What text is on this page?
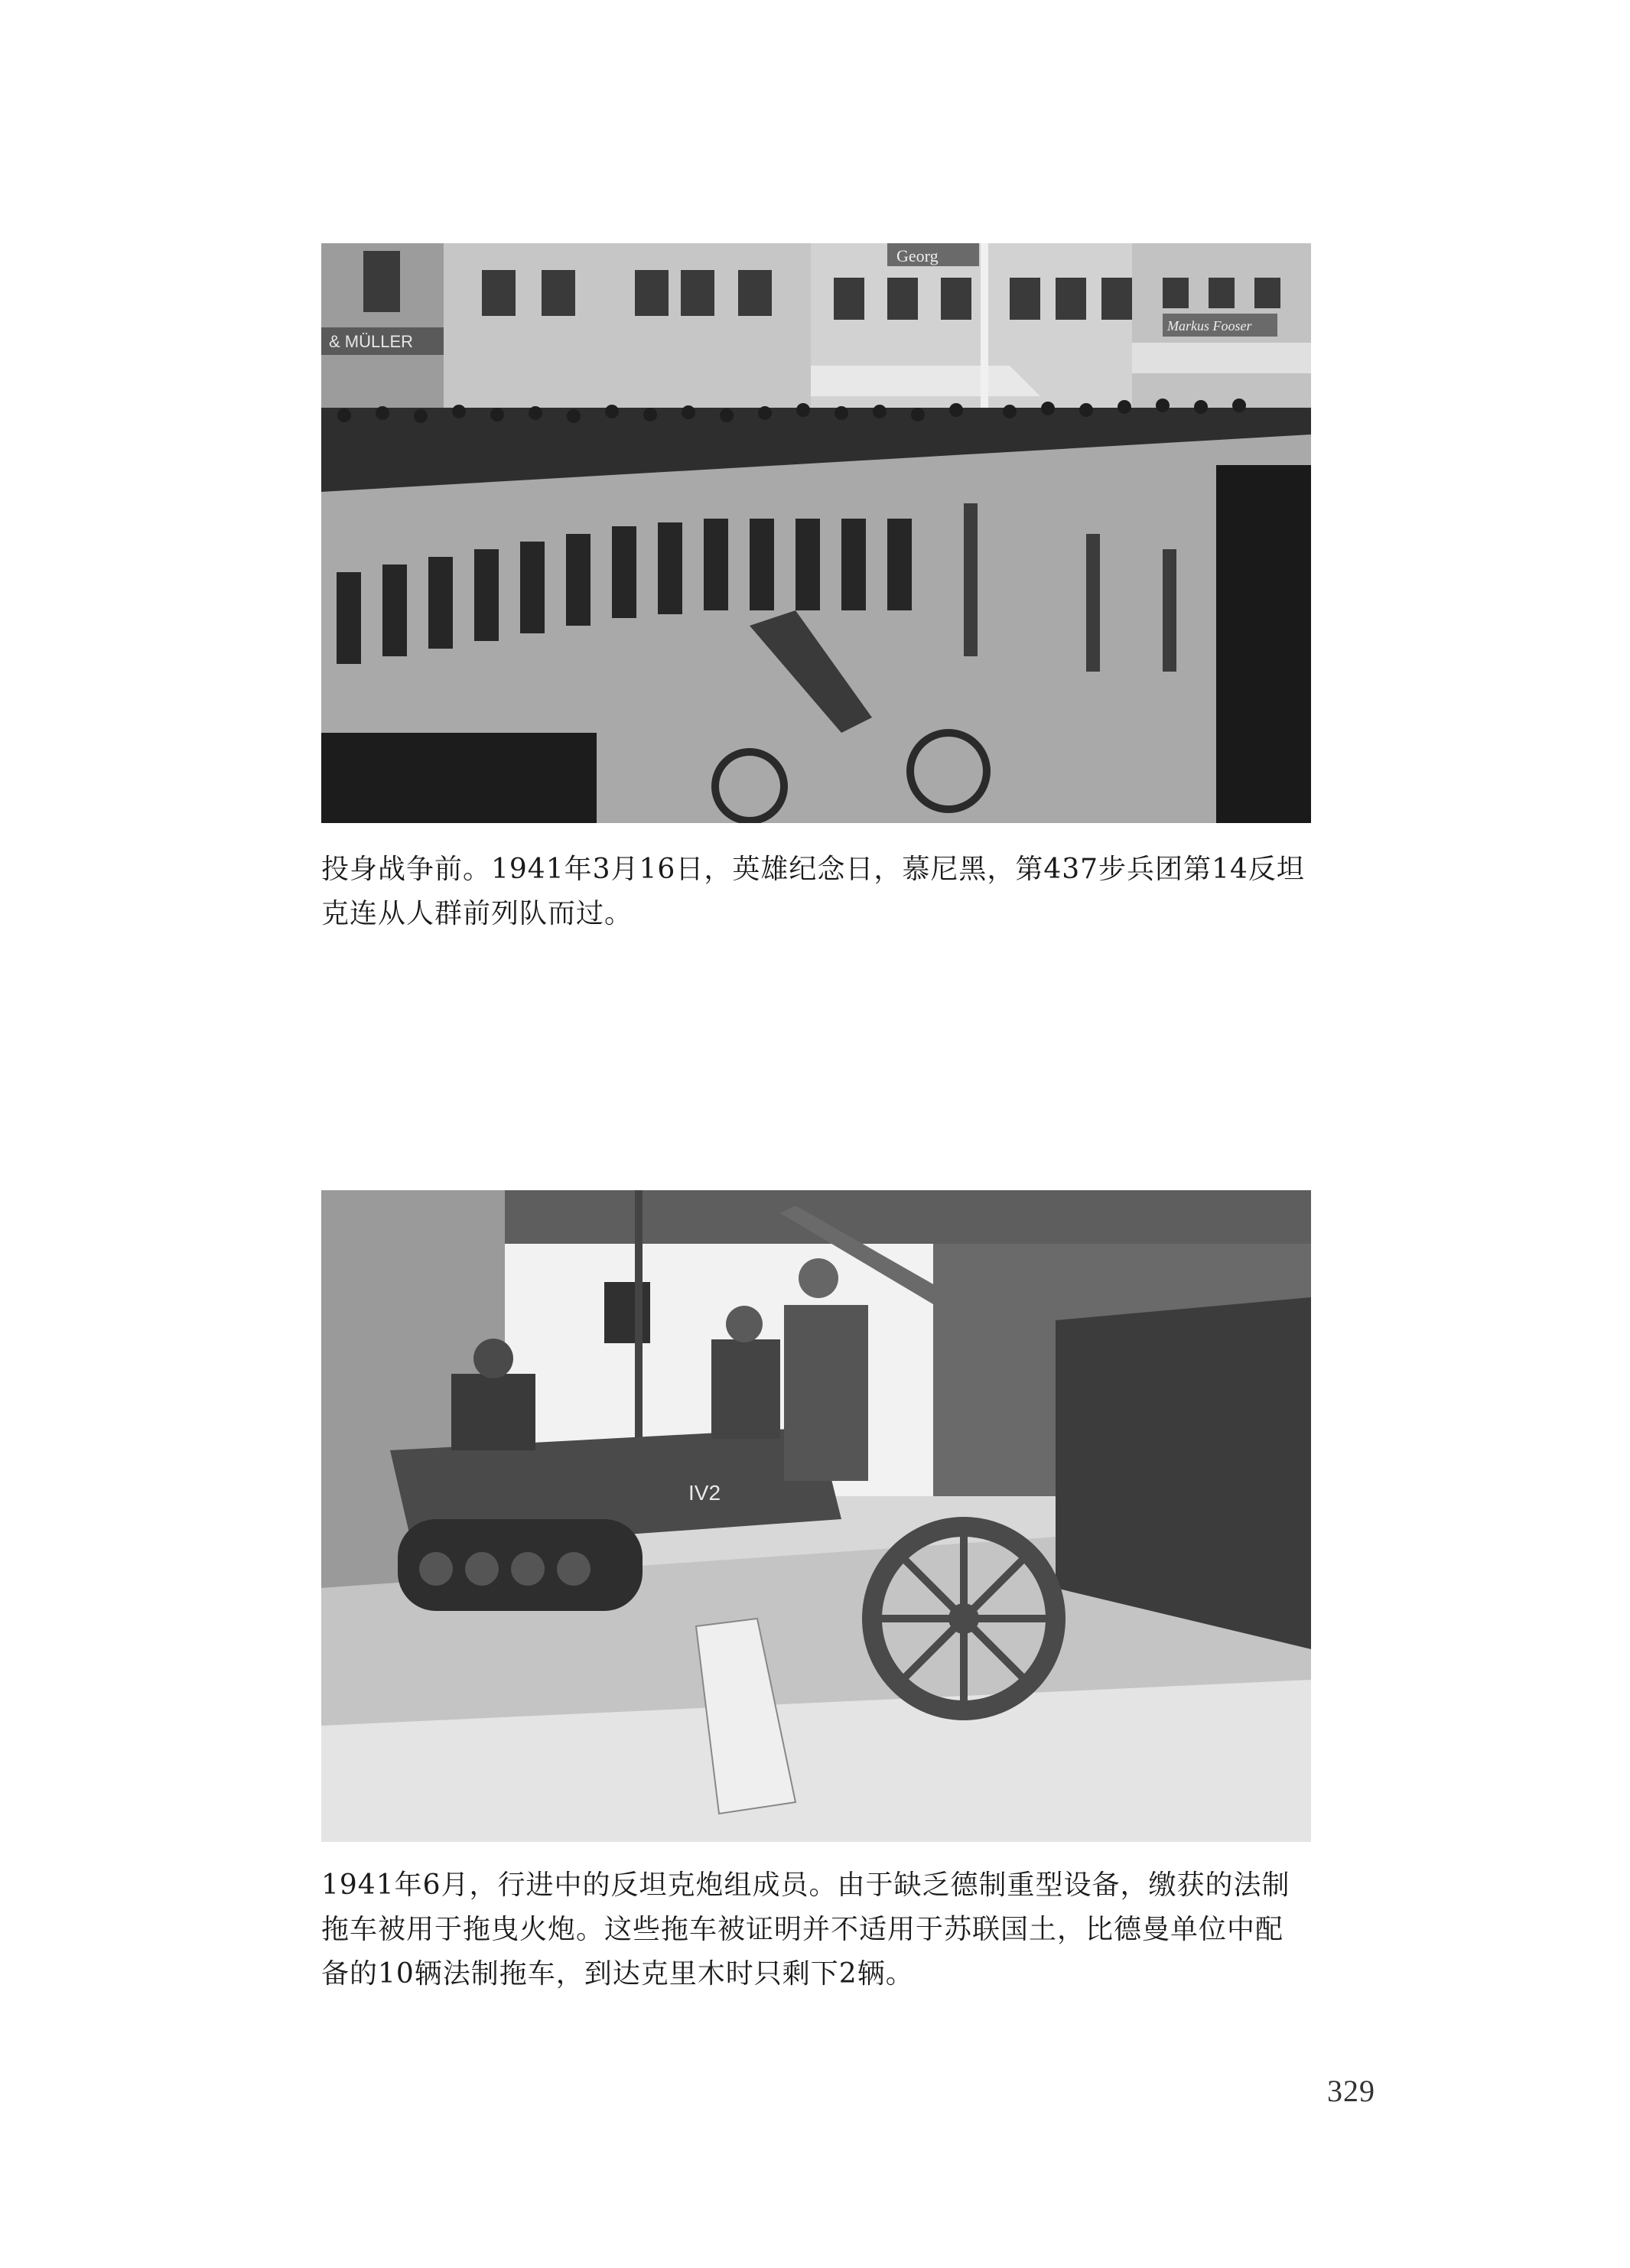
& MÜLLER
Georg
Markus Fooser

投身战争前。1941年3月16日，英雄纪念日，慕尼黑，第437步兵团第14反坦克连从人群前列队而过。

IV2

1941年6月，行进中的反坦克炮组成员。由于缺乏德制重型设备，缴获的法制拖车被用于拖曳火炮。这些拖车被证明并不适用于苏联国土，比德曼单位中配备的10辆法制拖车，到达克里木时只剩下2辆。

329
